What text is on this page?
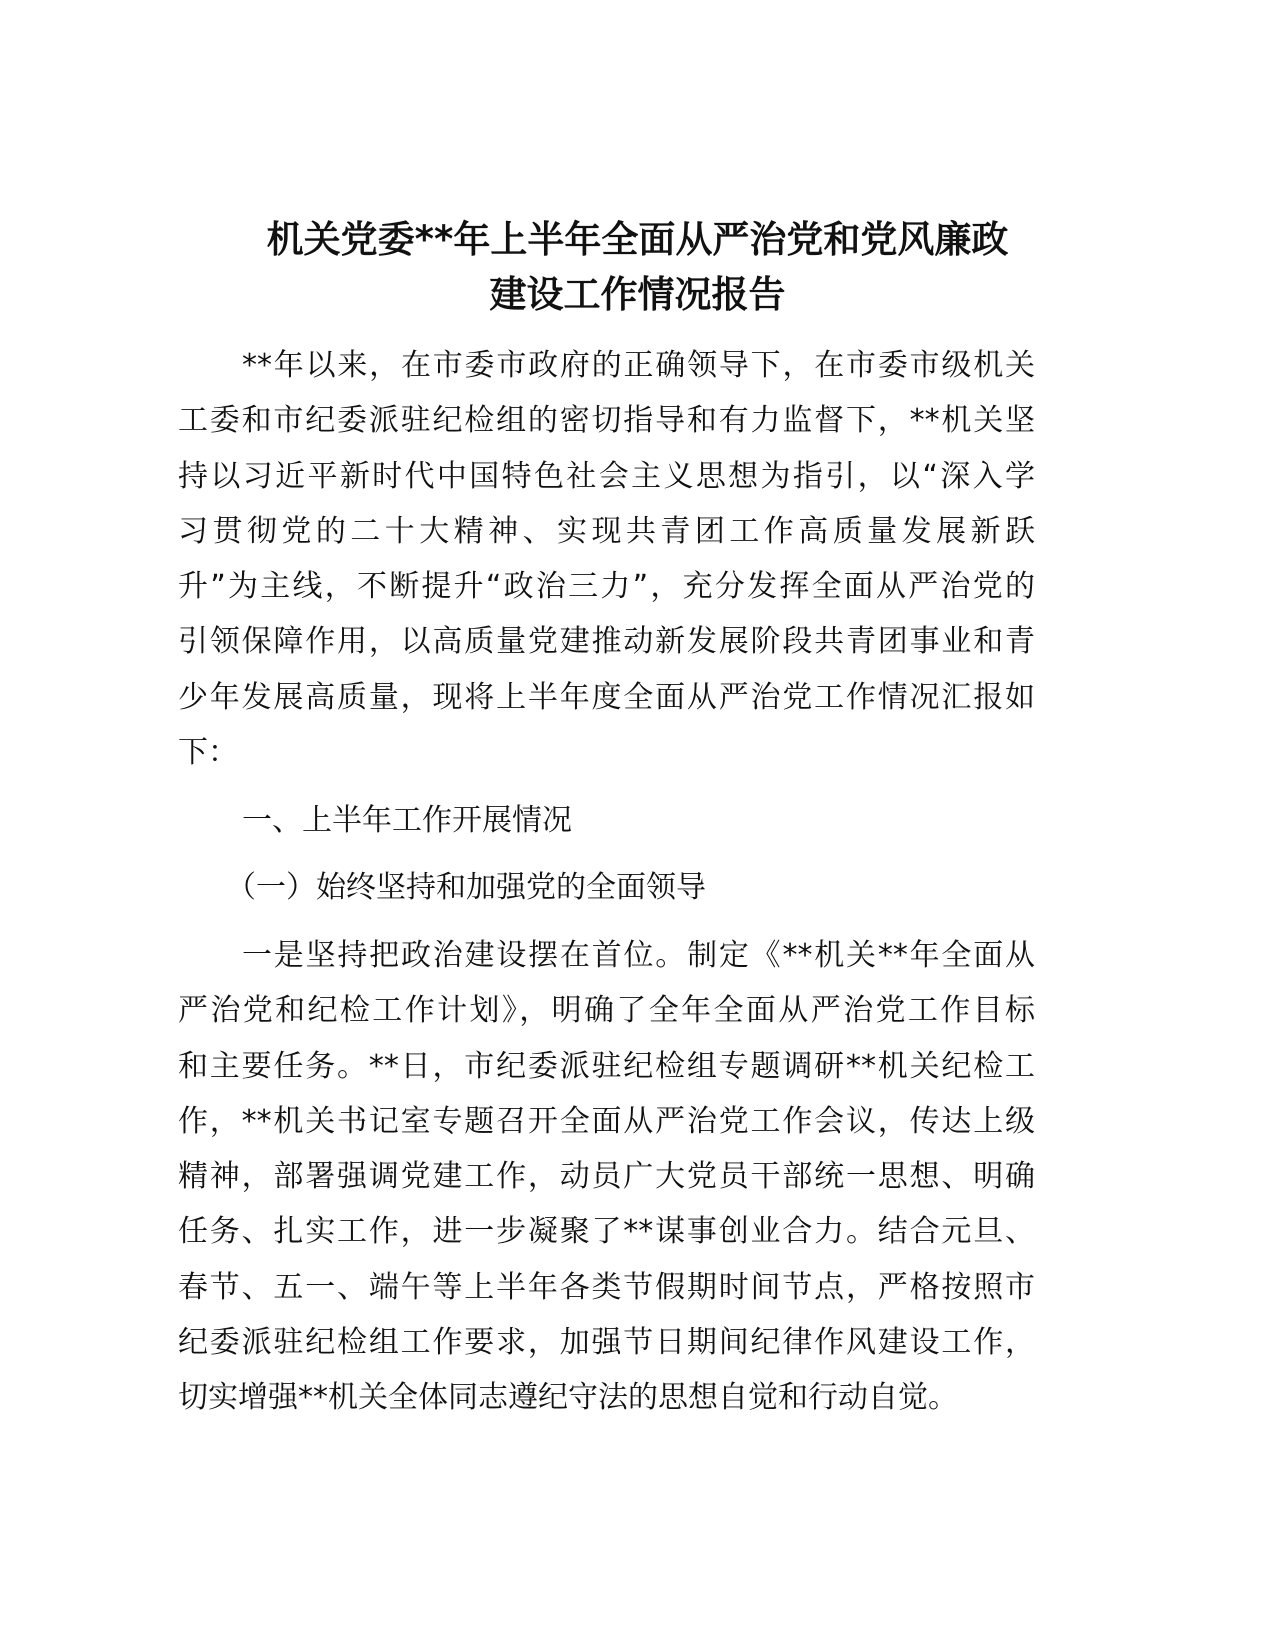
机关党委**年上半年全面从严治党和党风廉政
建设工作情况报告
**年以来，在市委市政府的正确领导下，在市委市级机关
工委和市纪委派驻纪检组的密切指导和有力监督下，**机关坚
持以习近平新时代中国特色社会主义思想为指引，以“深入学
习贯彻党的二十大精神、实现共青团工作高质量发展新跃
升”为主线，不断提升“政治三力”，充分发挥全面从严治党的
引领保障作用，以高质量党建推动新发展阶段共青团事业和青
少年发展高质量，现将上半年度全面从严治党工作情况汇报如
下：
一、上半年工作开展情况
（一）始终坚持和加强党的全面领导
一是坚持把政治建设摆在首位。制定《**机关**年全面从
严治党和纪检工作计划》，明确了全年全面从严治党工作目标
和主要任务。**日，市纪委派驻纪检组专题调研**机关纪检工
作，**机关书记室专题召开全面从严治党工作会议，传达上级
精神，部署强调党建工作，动员广大党员干部统一思想、明确
任务、扎实工作，进一步凝聚了**谋事创业合力。结合元旦、
春节、五一、端午等上半年各类节假期时间节点，严格按照市
纪委派驻纪检组工作要求，加强节日期间纪律作风建设工作，
切实增强**机关全体同志遵纪守法的思想自觉和行动自觉。
